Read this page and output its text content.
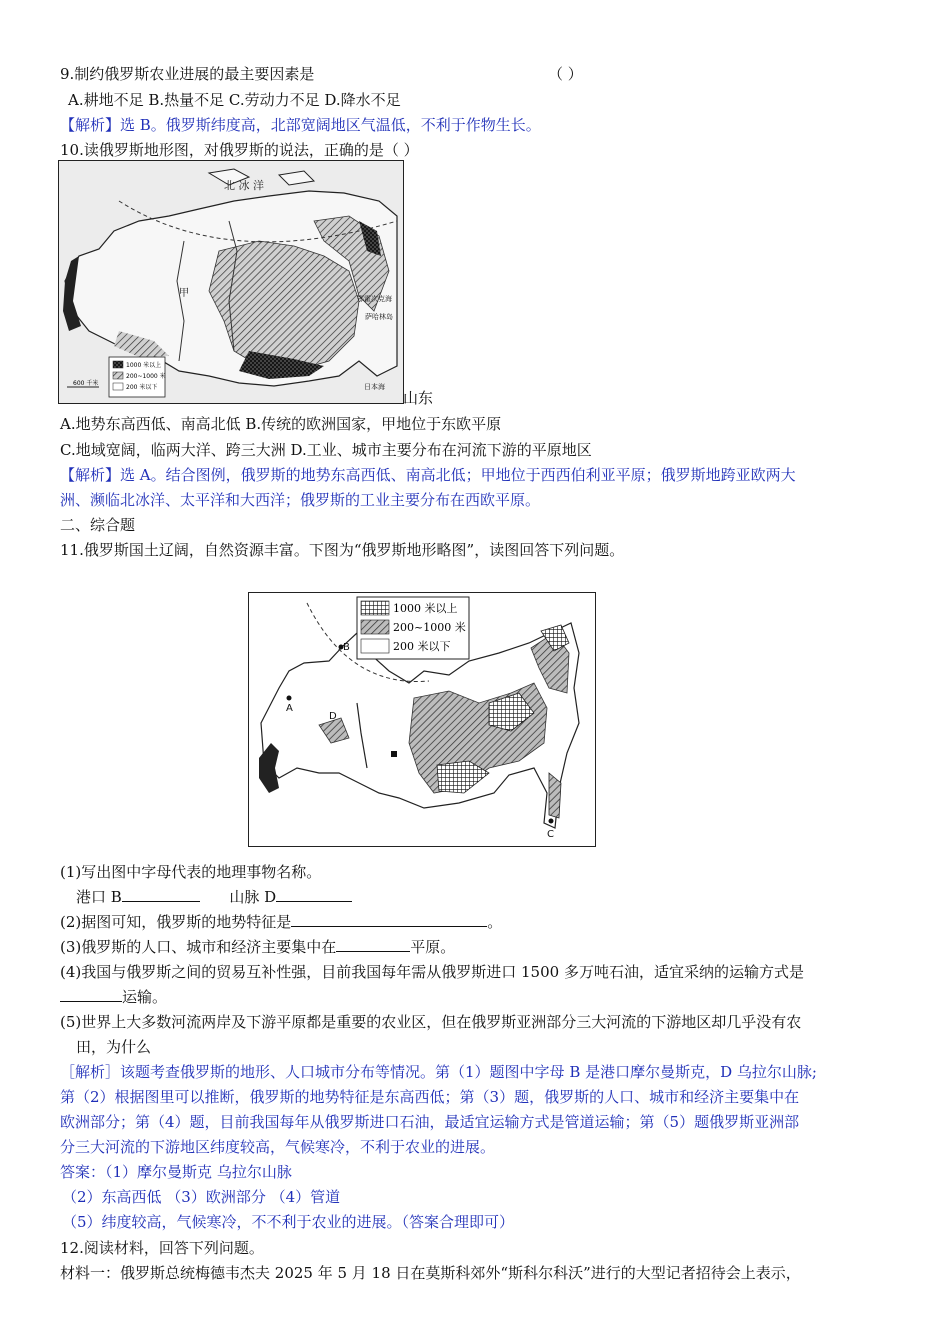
9.制约俄罗斯农业进展的最主要因素是	（ ）
A.耕地不足 B.热量不足 C.劳动力不足 D.降水不足
【解析】选 B。俄罗斯纬度高，北部宽阔地区气温低，不利于作物生长。
10.读俄罗斯地形图，对俄罗斯的说法，正确的是（ ）
北 冰 洋
甲	鄂霍次克海
萨哈林岛
日本海
1000 米以上
200~1000 米
200 米以下
600 千米
山东
A.地势东高西低、南高北低 B.传统的欧洲国家，甲地位于东欧平原
C.地域宽阔，临两大洋、跨三大洲 D.工业、城市主要分布在河流下游的平原地区
【解析】选 A。结合图例，俄罗斯的地势东高西低、南高北低；甲地位于西西伯利亚平原；俄罗斯地跨亚欧两大
洲、濒临北冰洋、太平洋和大西洋；俄罗斯的工业主要分布在西欧平原。
二、综合题
11.俄罗斯国土辽阔，自然资源丰富。下图为“俄罗斯地形略图”，读图回答下列问题。
A
B
C
D
1000 米以上
200~1000 米
200 米以下
(1)写出图中字母代表的地理事物名称。
港口 B	山脉 D
(2)据图可知，俄罗斯的地势特征是	。
(3)俄罗斯的人口、城市和经济主要集中在	平原。
(4)我国与俄罗斯之间的贸易互补性强，目前我国每年需从俄罗斯进口 1500 多万吨石油，适宜采纳的运输方式是
运输。
(5)世界上大多数河流两岸及下游平原都是重要的农业区，但在俄罗斯亚洲部分三大河流的下游地区却几乎没有农
田，为什么
［解析］该题考查俄罗斯的地形、人口城市分布等情况。第（1）题图中字母 B 是港口摩尔曼斯克，D 乌拉尔山脉;
第（2）根据图里可以推断，俄罗斯的地势特征是东高西低；第（3）题，俄罗斯的人口、城市和经济主要集中在
欧洲部分；第（4）题，目前我国每年从俄罗斯进口石油，最适宜运输方式是管道运输；第（5）题俄罗斯亚洲部
分三大河流的下游地区纬度较高，气候寒冷，不利于农业的进展。
答案：（1）摩尔曼斯克 乌拉尔山脉
（2）东高西低 （3）欧洲部分 （4）管道
（5）纬度较高，气候寒冷，不不利于农业的进展。（答案合理即可）
12.阅读材料，回答下列问题。
材料一：俄罗斯总统梅德韦杰夫 2025 年 5 月 18 日在莫斯科郊外“斯科尔科沃”进行的大型记者招待会上表示，
